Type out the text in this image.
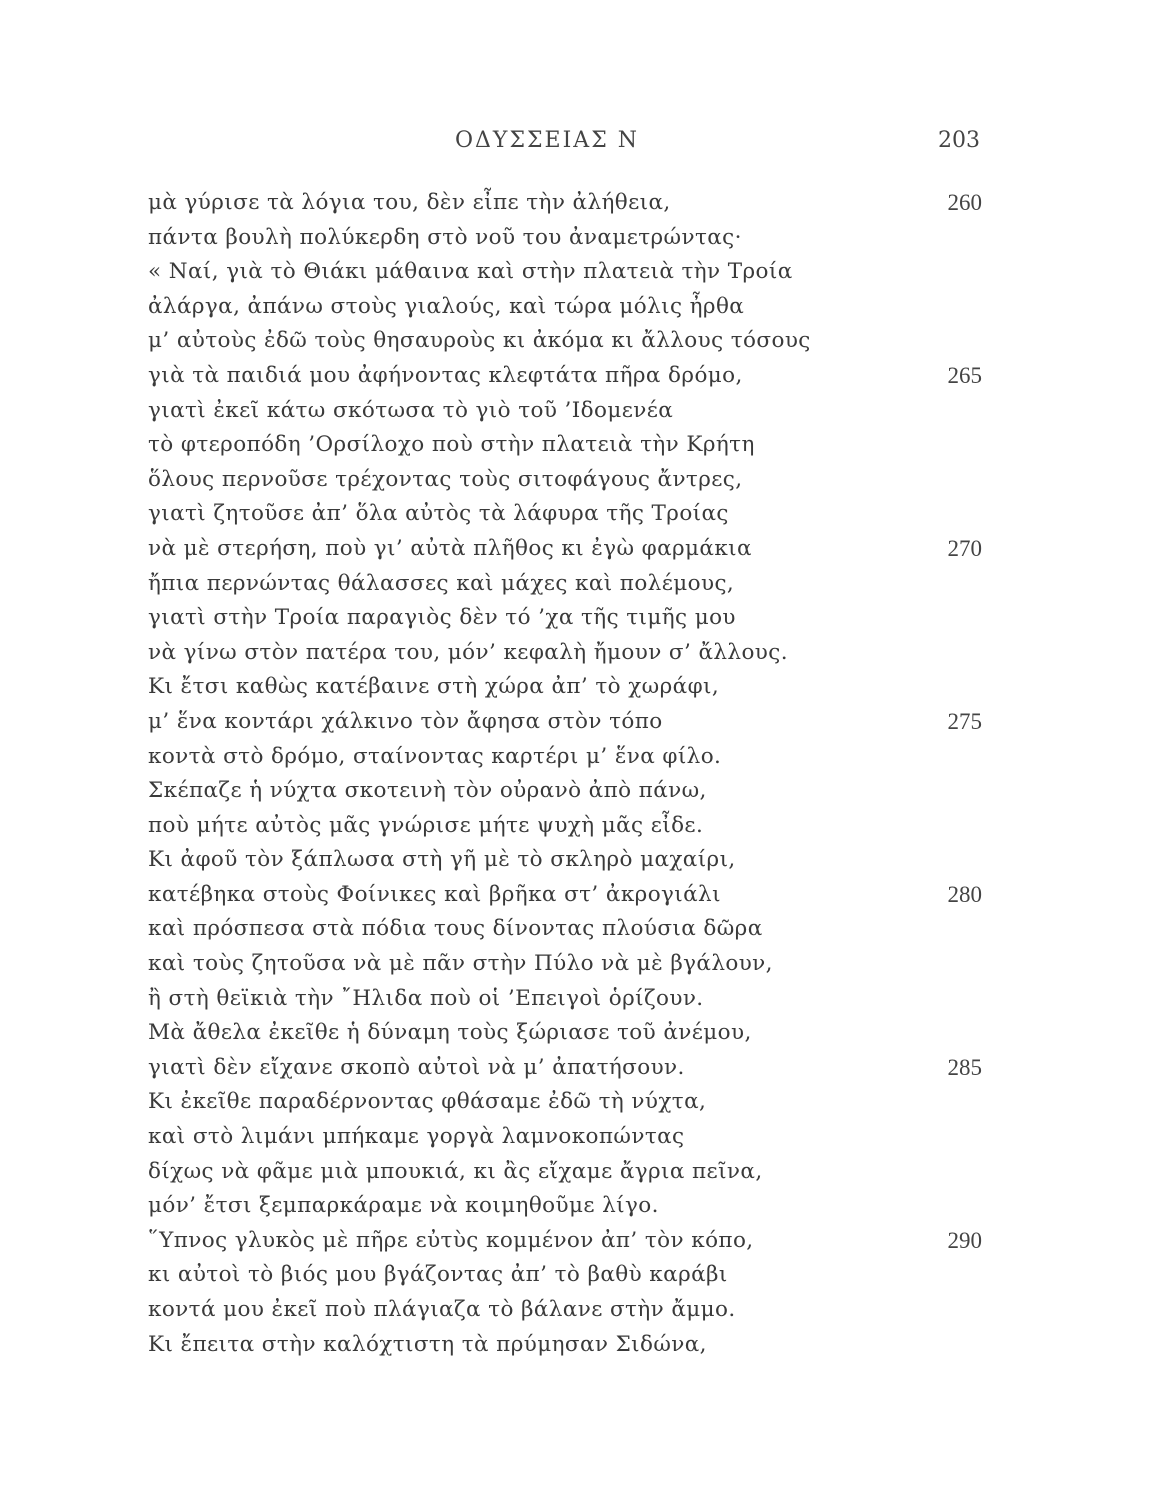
ΟΔΥΣΣΕΙΑΣ Ν	203
μὰ γύρισε τὰ λόγια του, δὲν εἶπε τὴν ἀλήθεια,	260
πάντα βουλὴ πολύκερδη στὸ νοῦ του ἀναμετρώντας·
« Ναί, γιὰ τὸ Θιάκι μάθαινα καὶ στὴν πλατειὰ τὴν Τροία
ἀλάργα, ἀπάνω στοὺς γιαλούς, καὶ τώρα μόλις ἦρθα
μ’ αὐτοὺς ἐδῶ τοὺς θησαυροὺς κι ἀκόμα κι ἄλλους τόσους
γιὰ τὰ παιδιά μου ἀφήνοντας κλεφτάτα πῆρα δρόμο,	265
γιατὶ ἐκεῖ κάτω σκότωσα τὸ γιὸ τοῦ ’Ιδομενέα
τὸ φτεροπόδη ’Ορσίλοχο ποὺ στὴν πλατειὰ τὴν Κρήτη
ὅλους περνοῦσε τρέχοντας τοὺς σιτοφάγους ἄντρες,
γιατὶ ζητοῦσε ἀπ’ ὅλα αὐτὸς τὰ λάφυρα τῆς Τροίας
νὰ μὲ στερήση, ποὺ γι’ αὐτὰ πλῆθος κι ἐγὼ φαρμάκια	270
ἤπια περνώντας θάλασσες καὶ μάχες καὶ πολέμους,
γιατὶ στὴν Τροία παραγιὸς δὲν τό ’χα τῆς τιμῆς μου
νὰ γίνω στὸν πατέρα του, μόν’ κεφαλὴ ἤμουν σ’ ἄλλους.
Κι ἔτσι καθὼς κατέβαινε στὴ χώρα ἀπ’ τὸ χωράφι,
μ’ ἕνα κοντάρι χάλκινο τὸν ἄφησα στὸν τόπο	275
κοντὰ στὸ δρόμο, σταίνοντας καρτέρι μ’ ἕνα φίλο.
Σκέπαζε ἡ νύχτα σκοτεινὴ τὸν οὐρανὸ ἀπὸ πάνω,
ποὺ μήτε αὐτὸς μᾶς γνώρισε μήτε ψυχὴ μᾶς εἶδε.
Κι ἀφοῦ τὸν ξάπλωσα στὴ γῆ μὲ τὸ σκληρὸ μαχαίρι,
κατέβηκα στοὺς Φοίνικες καὶ βρῆκα στ’ ἀκρογιάλι	280
καὶ πρόσπεσα στὰ πόδια τους δίνοντας πλούσια δῶρα
καὶ τοὺς ζητοῦσα νὰ μὲ πᾶν στὴν Πύλο νὰ μὲ βγάλουν,
ἢ στὴ θεϊκιὰ τὴν ῎Ηλιδα ποὺ οἱ ’Επειγοὶ ὁρίζουν.
Μὰ ἄθελα ἐκεῖθε ἡ δύναμη τοὺς ξώριασε τοῦ ἀνέμου,
γιατὶ δὲν εἴχανε σκοπὸ αὐτοὶ νὰ μ’ ἀπατήσουν.	285
Κι ἐκεῖθε παραδέρνοντας φθάσαμε ἐδῶ τὴ νύχτα,
καὶ στὸ λιμάνι μπήκαμε γοργὰ λαμνοκοπώντας
δίχως νὰ φᾶμε μιὰ μπουκιά, κι ἂς εἴχαμε ἄγρια πεῖνα,
μόν’ ἔτσι ξεμπαρκάραμε νὰ κοιμηθοῦμε λίγο.
῞Υπνος γλυκὸς μὲ πῆρε εὐτὺς κομμένον ἀπ’ τὸν κόπο,	290
κι αὐτοὶ τὸ βιός μου βγάζοντας ἀπ’ τὸ βαθὺ καράβι
κοντά μου ἐκεῖ ποὺ πλάγιαζα τὸ βάλανε στὴν ἄμμο.
Κι ἔπειτα στὴν καλόχτιστη τὰ πρύμησαν Σιδώνα,
